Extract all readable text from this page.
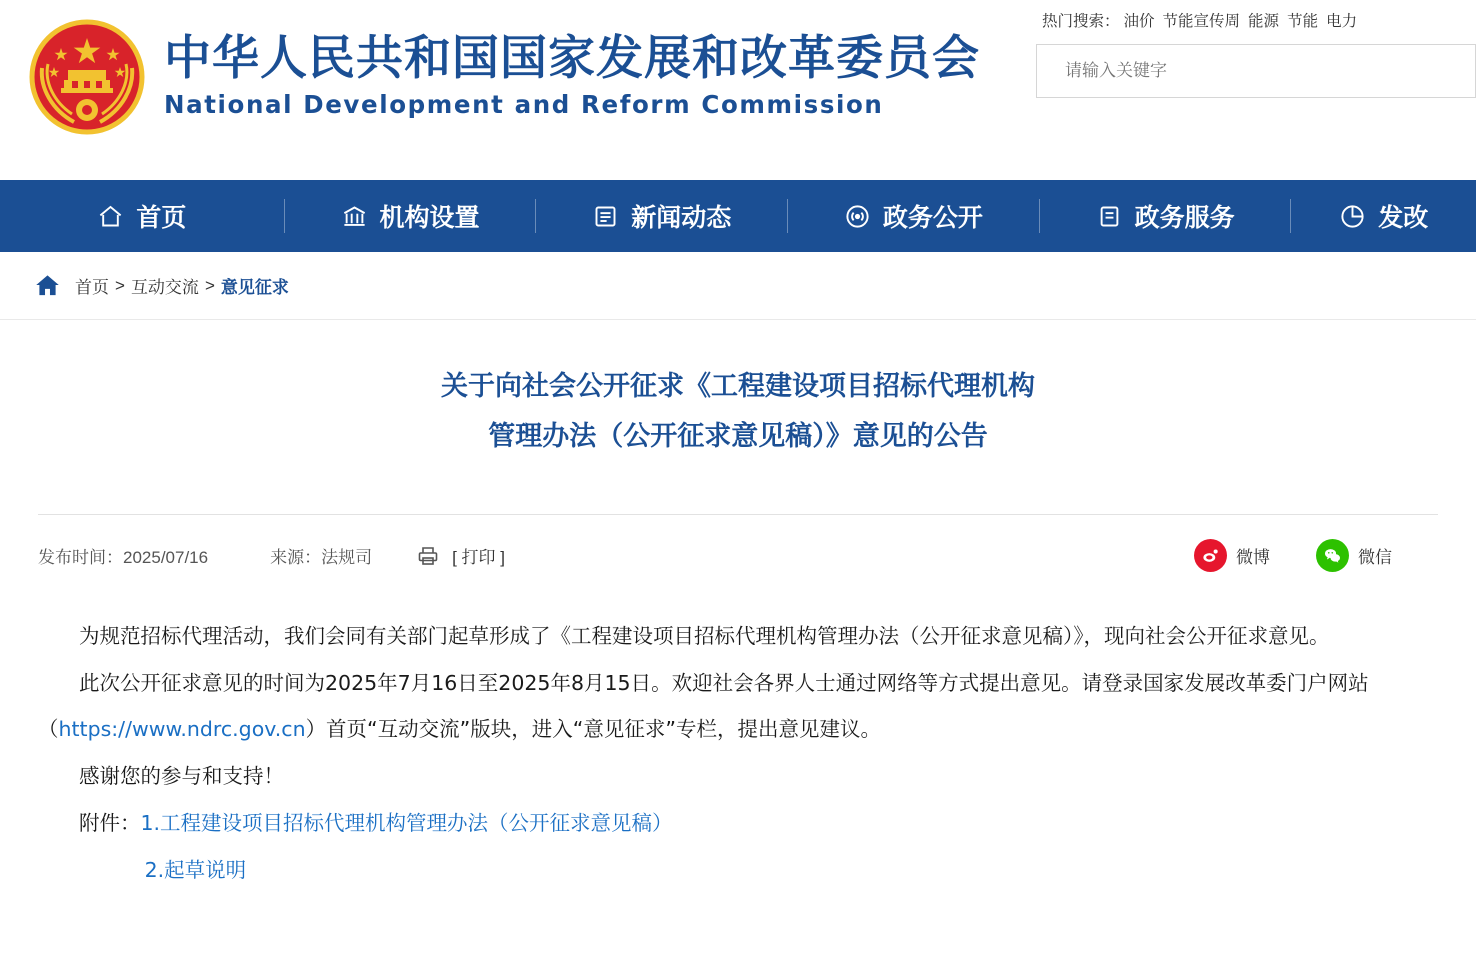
中华人民共和国国家发展和改革委员会
National Development and Reform Commission
热门搜索： 油价 节能宣传周 能源 节能 电力
请输入关键字
首页	机构设置	新闻动态	政务公开	政务服务	发改
首页 > 互动交流 > 意见征求
关于向社会公开征求《工程建设项目招标代理机构
管理办法（公开征求意见稿）》意见的公告
发布时间：2025/07/16	来源：法规司	[ 打印 ]	微博	微信

为规范招标代理活动，我们会同有关部门起草形成了《工程建设项目招标代理机构管理办法（公开征求意见稿）》，现向社会公开征求意见。

此次公开征求意见的时间为2025年7月16日至2025年8月15日。欢迎社会各界人士通过网络等方式提出意见。请登录国家发展改革委门户网站（https://www.ndrc.gov.cn）首页“互动交流”版块，进入“意见征求”专栏，提出意见建议。

感谢您的参与和支持！

附件：1.工程建设项目招标代理机构管理办法（公开征求意见稿）
2.起草说明
